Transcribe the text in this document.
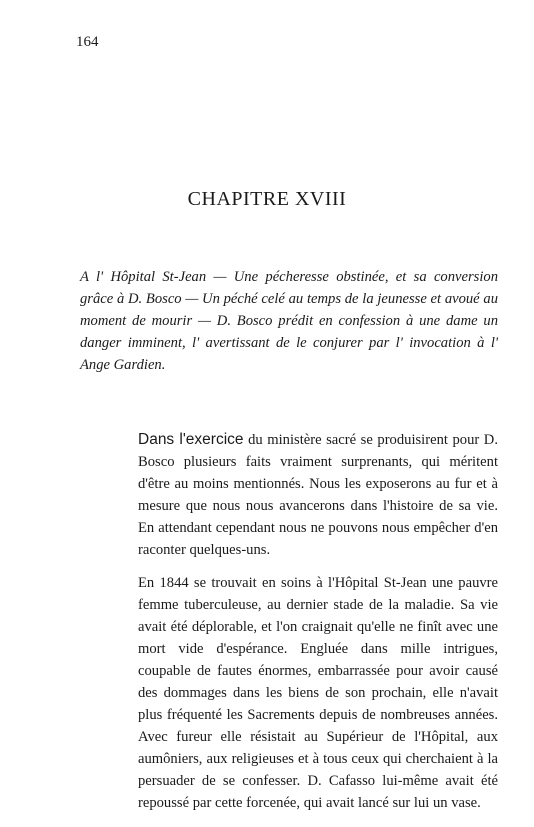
164
CHAPITRE XVIII

A l' Hôpital St-Jean — Une pécheresse obstinée, et sa conversion grâce à D. Bosco — Un péché celé au temps de la jeunesse et avoué au moment de mourir — D. Bosco prédit en confession à une dame un danger imminent, l' avertissant de le conjurer par l' invocation à l' Ange Gardien.

Dans l'exercice du ministère sacré se produisirent pour D. Bosco plusieurs faits vraiment surprenants, qui méritent d'être au moins mentionnés. Nous les exposerons au fur et à mesure que nous nous avancerons dans l'histoire de sa vie. En attendant cependant nous ne pouvons nous empêcher d'en raconter quelques-uns.

En 1844 se trouvait en soins à l'Hôpital St-Jean une pauvre femme tuberculeuse, au dernier stade de la maladie. Sa vie avait été déplorable, et l'on craignait qu'elle ne finît avec une mort vide d'espérance. Engluée dans mille intrigues, coupable de fautes énormes, embarrassée pour avoir causé des dommages dans les biens de son prochain, elle n'avait plus fréquenté les Sacrements depuis de nombreuses années. Avec fureur elle résistait au Supérieur de l'Hôpital, aux aumôniers, aux religieuses et à tous ceux qui cherchaient à la persuader de se confesser. D. Cafasso lui-même avait été repoussé par cette forcenée, qui avait lancé sur lui un vase.
